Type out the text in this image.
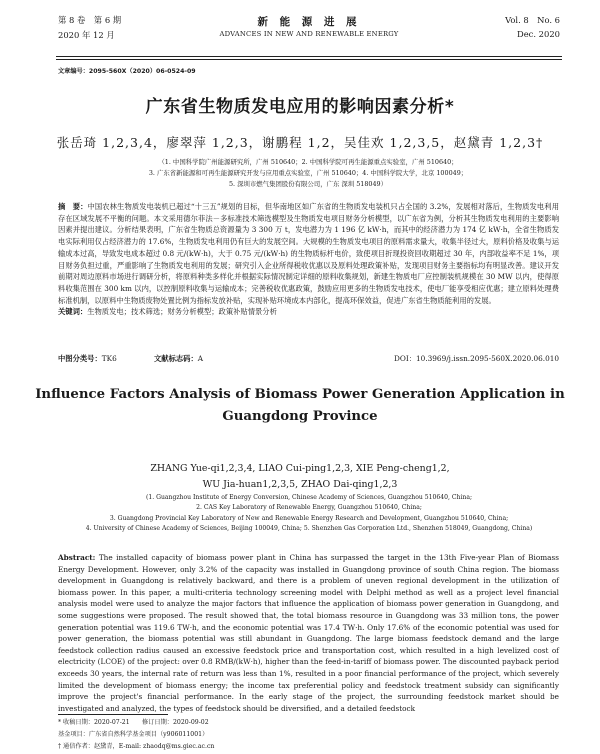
第 8 卷　第 6 期
2020 年 12 月
新 能 源 进 展
ADVANCES IN NEW AND RENEWABLE ENERGY
Vol. 8　No. 6
Dec. 2020
文章编号：2095-560X（2020）06-0524-09
广东省生物质发电应用的影响因素分析*
张岳琦 1,2,3,4，廖翠萍 1,2,3，谢鹏程 1,2，吴佳欢 1,2,3,5，赵黛青 1,2,3†
（1. 中国科学院广州能源研究所，广州 510640；2. 中国科学院可再生能源重点实验室，广州 510640；
3. 广东省新能源和可再生能源研究开发与应用重点实验室，广州 510640；4. 中国科学院大学，北京 100049；
5. 深圳市燃气集团股份有限公司，广东 深圳 518049）
摘　要：中国农林生物质发电装机已超过“十三五”规划的目标，但华南地区如广东省的生物质发电装机只占全国的 3.2%，发展相对落后，生物质发电利用存在区域发展不平衡的问题。本文采用德尔菲法－多标准技术筛选模型及生物质发电项目财务分析模型，以广东省为例，分析其生物质发电利用的主要影响因素并提出建议。分析结果表明，广东省生物质总资源量为 3 300 万 t，发电潜力为 1 196 亿 kW·h，而其中的经济潜力为 174 亿 kW·h，全省生物质发电实际利用仅占经济潜力的 17.6%，生物质发电利用仍有巨大的发展空间。大规模的生物质发电项目的原料需求量大，收集半径过大，原料价格及收集与运输成本过高，导致发电成本超过 0.8 元/(kW·h)，大于 0.75 元/(kW·h) 的生物质标杆电价，致使项目折现投资回收期超过 30 年，内部收益率不足 1%，项目财务负担过重，严重影响了生物质发电利用的发展；研究引入企业所得税收优惠以及原料处理政策补贴，发现项目财务主要指标均有明显改善。建议开发前期对周边原料市场进行调研分析，将原料种类多样化并根据实际情况制定详细的原料收集规划，新建生物质电厂应控制装机规模在 30 MW 以内，使得原料收集范围在 300 km 以内，以控制原料收集与运输成本；完善税收优惠政策，鼓励应用更多的生物质发电技术，使电厂能享受相应优惠；建立原料处理费标准机制，以原料中生物质废物处置比例为指标发放补贴，实现补贴环境成本内部化，提高环保效益，促进广东省生物质能利用的发展。
关键词：生物质发电；技术筛选；财务分析模型；政策补贴情景分析
中图分类号：TK6	文献标志码：A	DOI：10.3969/j.issn.2095-560X.2020.06.010
Influence Factors Analysis of Biomass Power Generation Application in Guangdong Province
ZHANG Yue-qi1,2,3,4, LIAO Cui-ping1,2,3, XIE Peng-cheng1,2,
WU Jia-huan1,2,3,5, ZHAO Dai-qing1,2,3
(1. Guangzhou Institute of Energy Conversion, Chinese Academy of Sciences, Guangzhou 510640, China;
2. CAS Key Laboratory of Renewable Energy, Guangzhou 510640, China;
3. Guangdong Provincial Key Laboratory of New and Renewable Energy Research and Development, Guangzhou 510640, China;
4. University of Chinese Academy of Sciences, Beijing 100049, China; 5. Shenzhen Gas Corporation Ltd., Shenzhen 518049, Guangdong, China)
Abstract: The installed capacity of biomass power plant in China has surpassed the target in the 13th Five-year Plan of Biomass Energy Development. However, only 3.2% of the capacity was installed in Guangdong province of south China region. The biomass development in Guangdong is relatively backward, and there is a problem of uneven regional development in the utilization of biomass power. In this paper, a multi-criteria technology screening model with Delphi method as well as a project level financial analysis model were used to analyze the major factors that influence the application of biomass power generation in Guangdong, and some suggestions were proposed. The result showed that, the total biomass resource in Guangdong was 33 million tons, the power generation potential was 119.6 TW·h, and the economic potential was 17.4 TW·h. Only 17.6% of the economic potential was used for power generation, the biomass potential was still abundant in Guangdong. The large biomass feedstock demand and the large feedstock collection radius caused an excessive feedstock price and transportation cost, which resulted in a high levelized cost of electricity (LCOE) of the project: over 0.8 RMB/(kW·h), higher than the feed-in-tariff of biomass power. The discounted payback period exceeds 30 years, the internal rate of return was less than 1%, resulted in a poor financial performance of the project, which severely limited the development of biomass energy; the income tax preferential policy and feedstock treatment subsidy can significantly improve the project's financial performance. In the early stage of the project, the surrounding feedstock market should be investigated and analyzed, the types of feedstock should be diversified, and a detailed feedstock
* 收稿日期：2020-07-21　　修订日期：2020-09-02
基金项目：广东省自然科学基金项目（y906011001）
† 通信作者：赵黛青，E-mail: zhaodq@ms.giec.ac.cn
